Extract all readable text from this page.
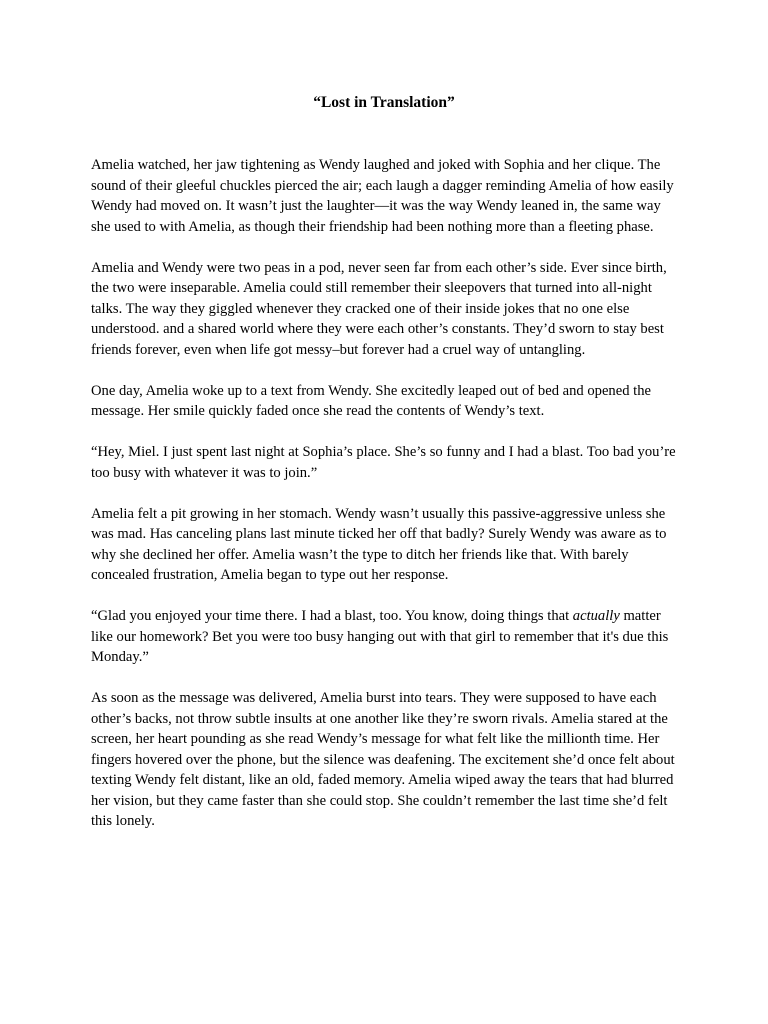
“Lost in Translation”

Amelia watched, her jaw tightening as Wendy laughed and joked with Sophia and her clique. The sound of their gleeful chuckles pierced the air; each laugh a dagger reminding Amelia of how easily Wendy had moved on. It wasn’t just the laughter—it was the way Wendy leaned in, the same way she used to with Amelia, as though their friendship had been nothing more than a fleeting phase.

Amelia and Wendy were two peas in a pod, never seen far from each other’s side. Ever since birth, the two were inseparable. Amelia could still remember their sleepovers that turned into all-night talks. The way they giggled whenever they cracked one of their inside jokes that no one else understood. and a shared world where they were each other’s constants. They’d sworn to stay best friends forever, even when life got messy–but forever had a cruel way of untangling.

One day, Amelia woke up to a text from Wendy. She excitedly leaped out of bed and opened the message. Her smile quickly faded once she read the contents of Wendy’s text.

“Hey, Miel. I just spent last night at Sophia’s place. She’s so funny and I had a blast. Too bad you’re too busy with whatever it was to join.”

Amelia felt a pit growing in her stomach. Wendy wasn’t usually this passive-aggressive unless she was mad. Has canceling plans last minute ticked her off that badly? Surely Wendy was aware as to why she declined her offer. Amelia wasn’t the type to ditch her friends like that. With barely concealed frustration, Amelia began to type out her response.

“Glad you enjoyed your time there. I had a blast, too. You know, doing things that actually matter like our homework? Bet you were too busy hanging out with that girl to remember that it's due this Monday.”

As soon as the message was delivered, Amelia burst into tears. They were supposed to have each other’s backs, not throw subtle insults at one another like they’re sworn rivals. Amelia stared at the screen, her heart pounding as she read Wendy’s message for what felt like the millionth time. Her fingers hovered over the phone, but the silence was deafening. The excitement she’d once felt about texting Wendy felt distant, like an old, faded memory. Amelia wiped away the tears that had blurred her vision, but they came faster than she could stop. She couldn’t remember the last time she’d felt this lonely.
